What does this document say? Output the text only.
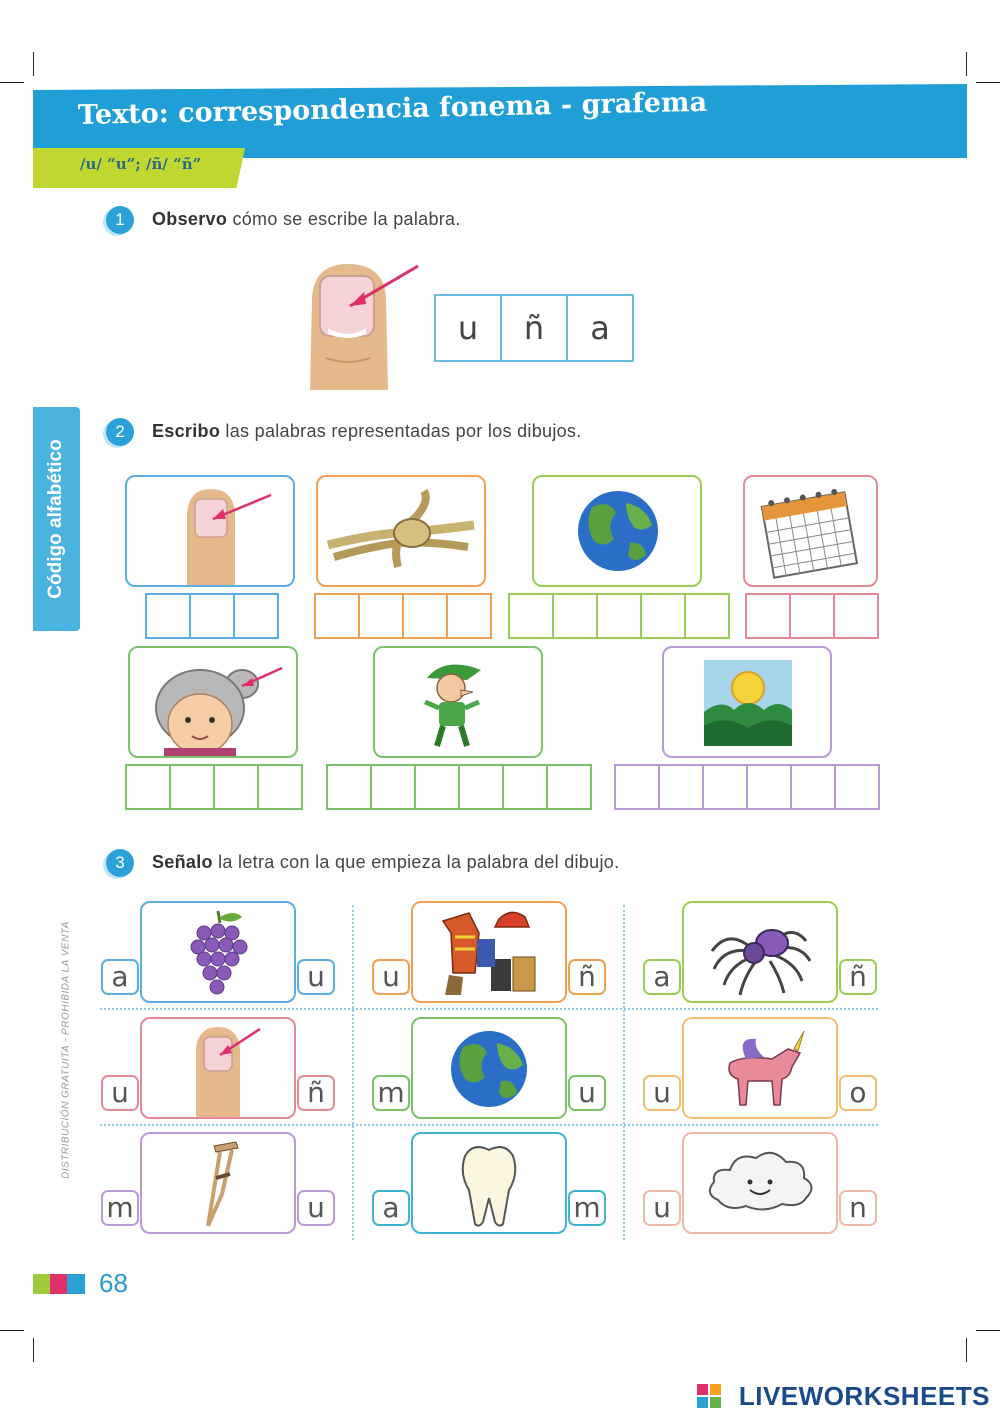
Texto: correspondencia fonema - grafema
/u/ “u”; /ñ/ “ñ”
Código alfabético
1	Observo cómo se escribe la palabra.
u	ñ	a
2	Escribo las palabras representadas por los dibujos.
3	Señalo la letra con la que empieza la palabra del dibujo.
a	u	u	ñ	a	ñ
u	ñ	m	u	u	o
m	u	a	m	u	n
DISTRIBUCIÓN GRATUITA - PROHIBIDA LA VENTA
68
LIVEWORKSHEETS
